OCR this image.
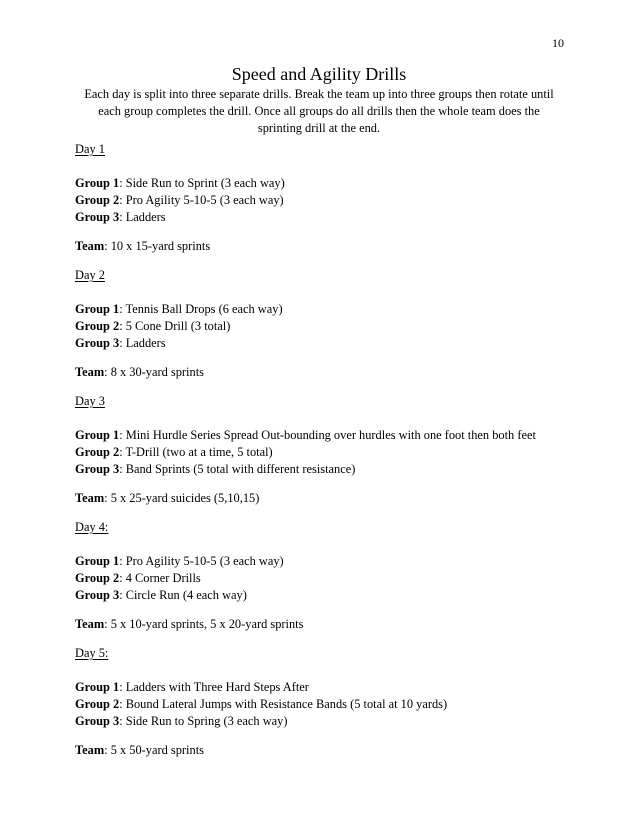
10
Speed and Agility Drills
Each day is split into three separate drills. Break the team up into three groups then rotate until
each group completes the drill. Once all groups do all drills then the whole team does the
sprinting drill at the end.
Day 1
Group 1: Side Run to Sprint (3 each way)
Group 2: Pro Agility 5-10-5 (3 each way)
Group 3: Ladders
Team: 10 x 15-yard sprints
Day 2
Group 1: Tennis Ball Drops (6 each way)
Group 2: 5 Cone Drill (3 total)
Group 3: Ladders
Team: 8 x 30-yard sprints
Day 3
Group 1: Mini Hurdle Series Spread Out-bounding over hurdles with one foot then both feet
Group 2: T-Drill (two at a time, 5 total)
Group 3: Band Sprints (5 total with different resistance)
Team: 5 x 25-yard suicides (5,10,15)
Day 4:
Group 1: Pro Agility 5-10-5 (3 each way)
Group 2: 4 Corner Drills
Group 3: Circle Run (4 each way)
Team: 5 x 10-yard sprints, 5 x 20-yard sprints
Day 5:
Group 1: Ladders with Three Hard Steps After
Group 2: Bound Lateral Jumps with Resistance Bands (5 total at 10 yards)
Group 3: Side Run to Spring (3 each way)
Team: 5 x 50-yard sprints
